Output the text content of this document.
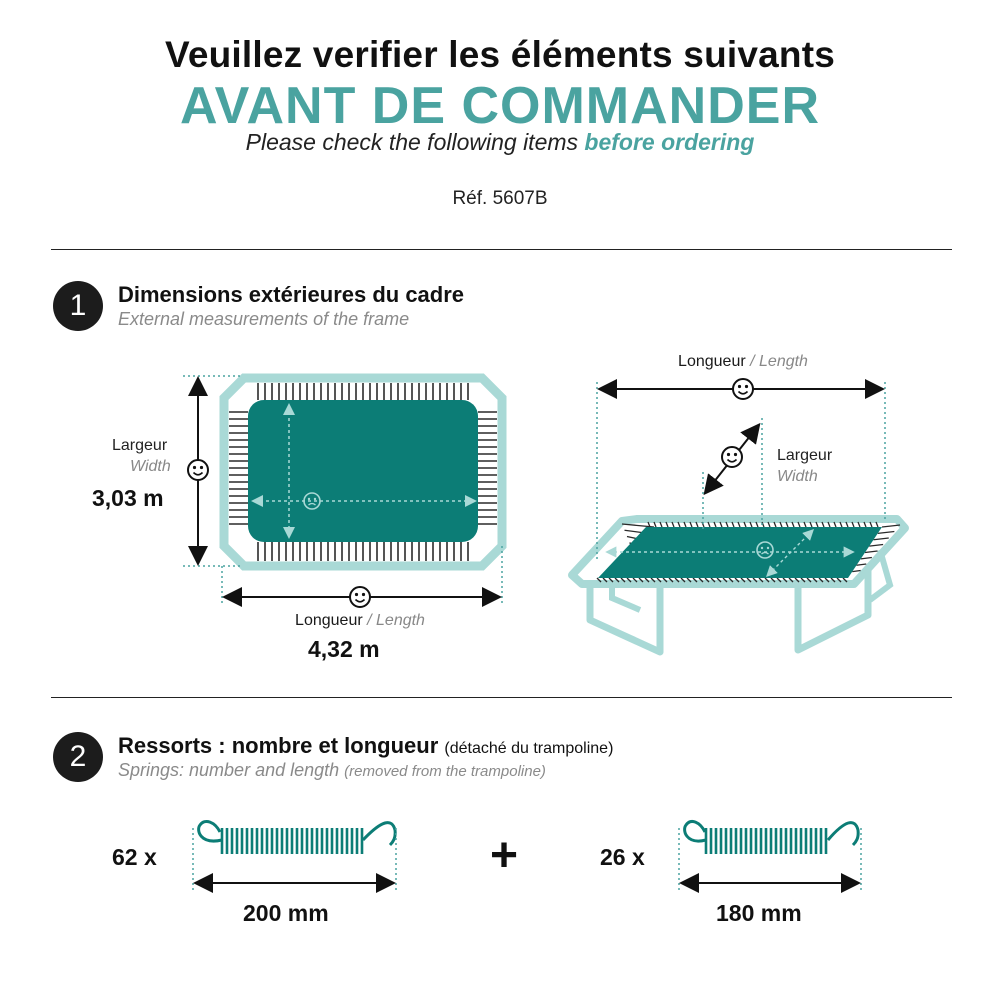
Veuillez verifier les éléments suivants
AVANT DE COMMANDER
Please check the following items before ordering
Réf. 5607B
1	Dimensions extérieures du cadre
External measurements of the frame
Largeur
Width
3,03 m
Longueur / Length
4,32 m
Longueur / Length
Largeur
Width
2	Ressorts : nombre et longueur (détaché du trampoline)
Springs: number and length (removed from the trampoline)
62 x
200 mm
+	26 x
180 mm
